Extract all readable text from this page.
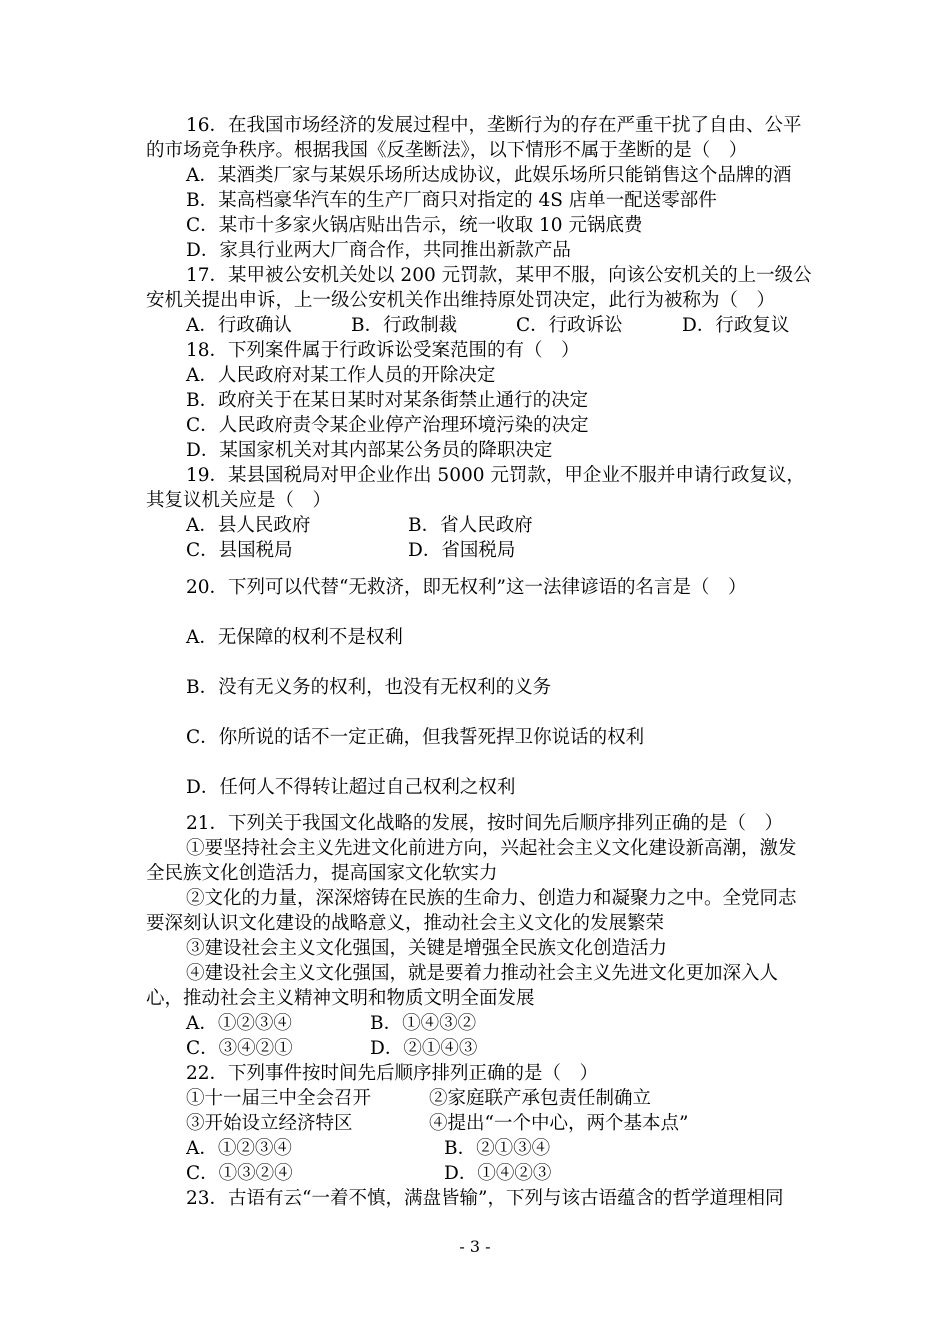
16．在我国市场经济的发展过程中，垄断行为的存在严重干扰了自由、公平
的市场竞争秩序。根据我国《反垄断法》，以下情形不属于垄断的是（　）
A．某酒类厂家与某娱乐场所达成协议，此娱乐场所只能销售这个品牌的酒
B．某高档豪华汽车的生产厂商只对指定的 4S 店单一配送零部件
C．某市十多家火锅店贴出告示，统一收取 10 元锅底费
D．家具行业两大厂商合作，共同推出新款产品
17．某甲被公安机关处以 200 元罚款，某甲不服，向该公安机关的上一级公
安机关提出申诉，上一级公安机关作出维持原处罚决定，此行为被称为（　）
A．行政确认	B．行政制裁	C．行政诉讼	D．行政复议
18．下列案件属于行政诉讼受案范围的有（　）
A．人民政府对某工作人员的开除决定
B．政府关于在某日某时对某条街禁止通行的决定
C．人民政府责令某企业停产治理环境污染的决定
D．某国家机关对其内部某公务员的降职决定
19．某县国税局对甲企业作出 5000 元罚款，甲企业不服并申请行政复议，
其复议机关应是（　）
A．县人民政府	B．省人民政府
C．县国税局	D．省国税局
20．下列可以代替“无救济，即无权利”这一法律谚语的名言是（　）
A．无保障的权利不是权利
B．没有无义务的权利，也没有无权利的义务
C．你所说的话不一定正确，但我誓死捍卫你说话的权利
D．任何人不得转让超过自己权利之权利
21．下列关于我国文化战略的发展，按时间先后顺序排列正确的是（　）
①要坚持社会主义先进文化前进方向，兴起社会主义文化建设新高潮，激发
全民族文化创造活力，提高国家文化软实力
②文化的力量，深深熔铸在民族的生命力、创造力和凝聚力之中。全党同志
要深刻认识文化建设的战略意义，推动社会主义文化的发展繁荣
③建设社会主义文化强国，关键是增强全民族文化创造活力
④建设社会主义文化强国，就是要着力推动社会主义先进文化更加深入人
心，推动社会主义精神文明和物质文明全面发展
A．①②③④	B．①④③②
C．③④②①	D．②①④③
22．下列事件按时间先后顺序排列正确的是（　）
①十一届三中全会召开	②家庭联产承包责任制确立
③开始设立经济特区	④提出“一个中心，两个基本点”
A．①②③④	B．②①③④
C．①③②④	D．①④②③
23．古语有云“一着不慎，满盘皆输”，下列与该古语蕴含的哲学道理相同
- 3 -
